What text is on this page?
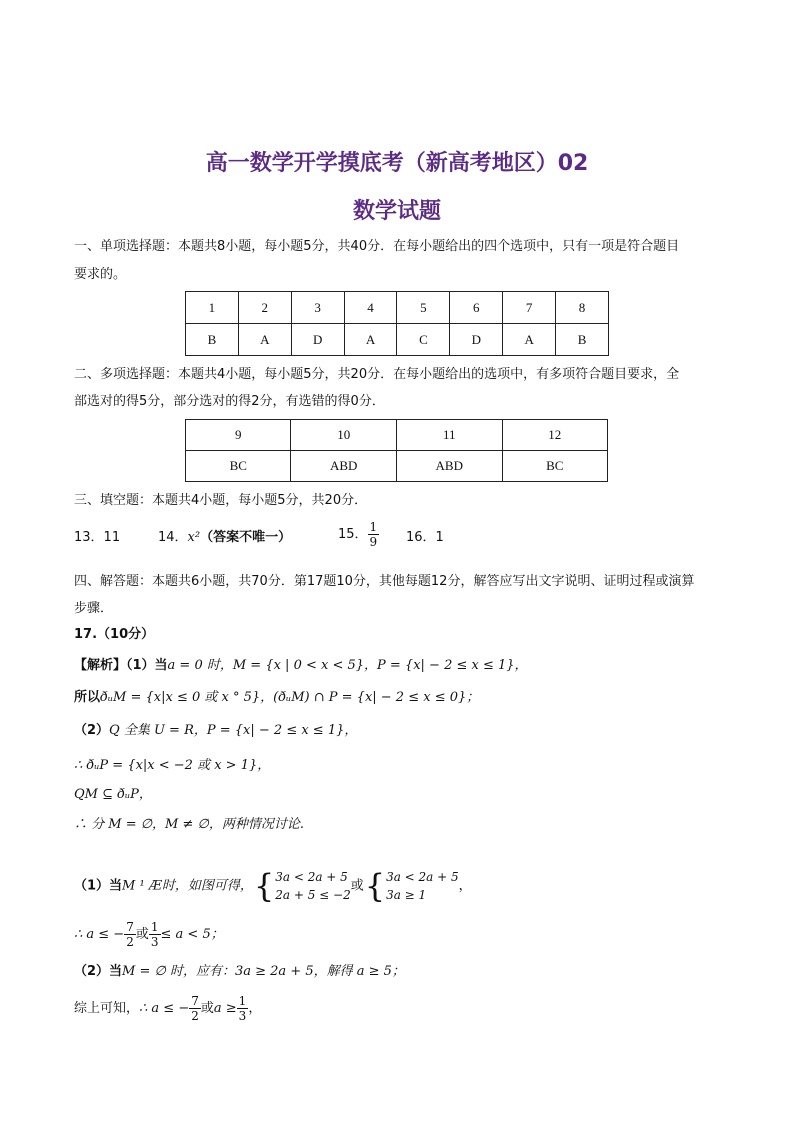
高一数学开学摸底考（新高考地区）02
数学试题
一、单项选择题：本题共8小题，每小题5分，共40分．在每小题给出的四个选项中，只有一项是符合题目
要求的。
1	2	3	4	5	6	7	8
B	A	D	A	C	D	A	B
二、多项选择题：本题共4小题，每小题5分，共20分．在每小题给出的选项中，有多项符合题目要求，全
部选对的得5分，部分选对的得2分，有选错的得0分．
9	10	11	12
BC	ABD	ABD	BC
三、填空题：本题共4小题，每小题5分，共20分．
13．11	14．x²（答案不唯一）	15． $\frac{1}{9} 16$．1
四、解答题：本题共6小题，共70分．第17题10分，其他每题12分，解答应写出文字说明、证明过程或演算
步骤．
17.（10分）
【解析】（1）当a = 0 时，M = {x | 0 < x < 5}，P = {x| − 2 ≤ x ≤ 1}，
所以ðᵤM = {x|x ≤ 0 或 x ° 5}，(ðᵤM) ∩ P = {x| − 2 ≤ x ≤ 0}；
（2）Q 全集 U = R，P = {x| − 2 ≤ x ≤ 1}，
∴ ðᵤP = {x|x < −2 或 x > 1}，
QM ⊆ ðᵤP，
∴ 分 M = ∅，M ≠ ∅，两种情况讨论.
（1）当M ¹ Æ时，如图可得，{ 3a < 2a + 5
2a + 5 ≤ −2
或{ 3a < 2a + 5
3a ≥ 1
，
∴ a ≤ − $\frac{7}{2}$ 或 $\frac{1}{3} \le a < 5$；
（2）当M = ∅ 时，应有：3a ≥ 2a + 5，解得 a ≥ 5；
综上可知，∴ a ≤ − $\frac{7}{2}$ 或$a \ge \frac{1}{3}$ ，
